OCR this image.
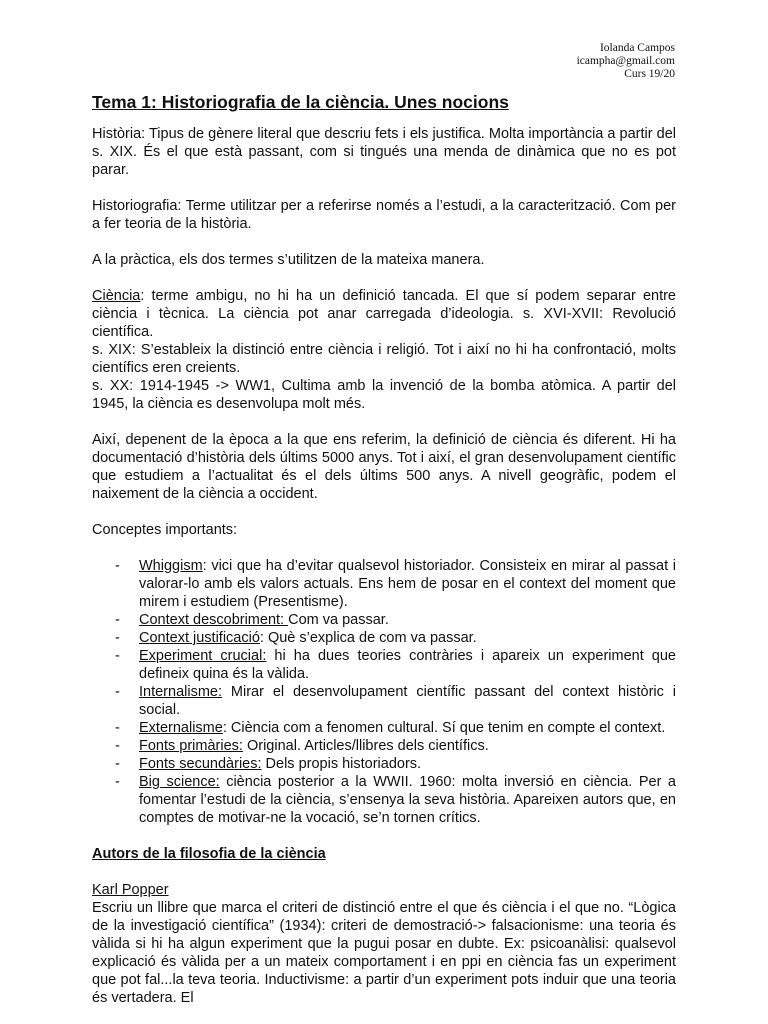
Iolanda Campos
icampha@gmail.com
Curs 19/20
Tema 1: Historiografia de la ciència. Unes nocions

Història: Tipus de gènere literal que descriu fets i els justifica. Molta importància a partir del s. XIX. És el que està passant, com si tingués una menda de dinàmica que no es pot parar.

Historiografia: Terme utilitzar per a referirse només a l’estudi, a la caracterització. Com per a fer teoria de la història.

A la pràctica, els dos termes s’utilitzen de la mateixa manera.

Ciència: terme ambigu, no hi ha un definició tancada. El que sí podem separar entre ciència i tècnica. La ciència pot anar carregada d’ideologia. s. XVI-XVII: Revolució científica.

s. XIX: S’estableix la distinció entre ciència i religió. Tot i així no hi ha confrontació, molts científics eren creients.

s. XX: 1914-1945 -> WW1, Cultima amb la invenció de la bomba atòmica. A partir del 1945, la ciència es desenvolupa molt més.

Així, depenent de la època a la que ens referim, la definició de ciència és diferent. Hi ha documentació d’història dels últims 5000 anys. Tot i així, el gran desenvolupament científic que estudiem a l’actualitat és el dels últims 500 anys. A nivell geogràfic, podem el naixement de la ciència a occident.

Conceptes importants:

- Whiggism: vici que ha d’evitar qualsevol historiador. Consisteix en mirar al passat i valorar-lo amb els valors actuals. Ens hem de posar en el context del moment que mirem i estudiem (Presentisme).
- Context descobriment: Com va passar.
- Context justificació: Què s’explica de com va passar.
- Experiment crucial: hi ha dues teories contràries i apareix un experiment que defineix quina és la vàlida.
- Internalisme: Mirar el desenvolupament científic passant del context històric i social.
- Externalisme: Ciència com a fenomen cultural. Sí que tenim en compte el context.
- Fonts primàries: Original. Articles/llibres dels científics.
- Fonts secundàries: Dels propis historiadors.
- Big science: ciència posterior a la WWII. 1960: molta inversió en ciència. Per a fomentar l’estudi de la ciència, s’ensenya la seva història. Apareixen autors que, en comptes de motivar-ne la vocació, se’n tornen crítics.

Autors de la filosofia de la ciència

Karl Popper

Escriu un llibre que marca el criteri de distinció entre el que és ciència i el que no. “Lògica de la investigació científica” (1934): criteri de demostració-> falsacionisme: una teoria és vàlida si hi ha algun experiment que la pugui posar en dubte. Ex: psicoanàlisi: qualsevol explicació és vàlida per a un mateix comportament i en ppi en ciència fas un experiment que pot fal...la teva teoria. Inductivisme: a partir d’un experiment pots induir que una teoria és vertadera. El
